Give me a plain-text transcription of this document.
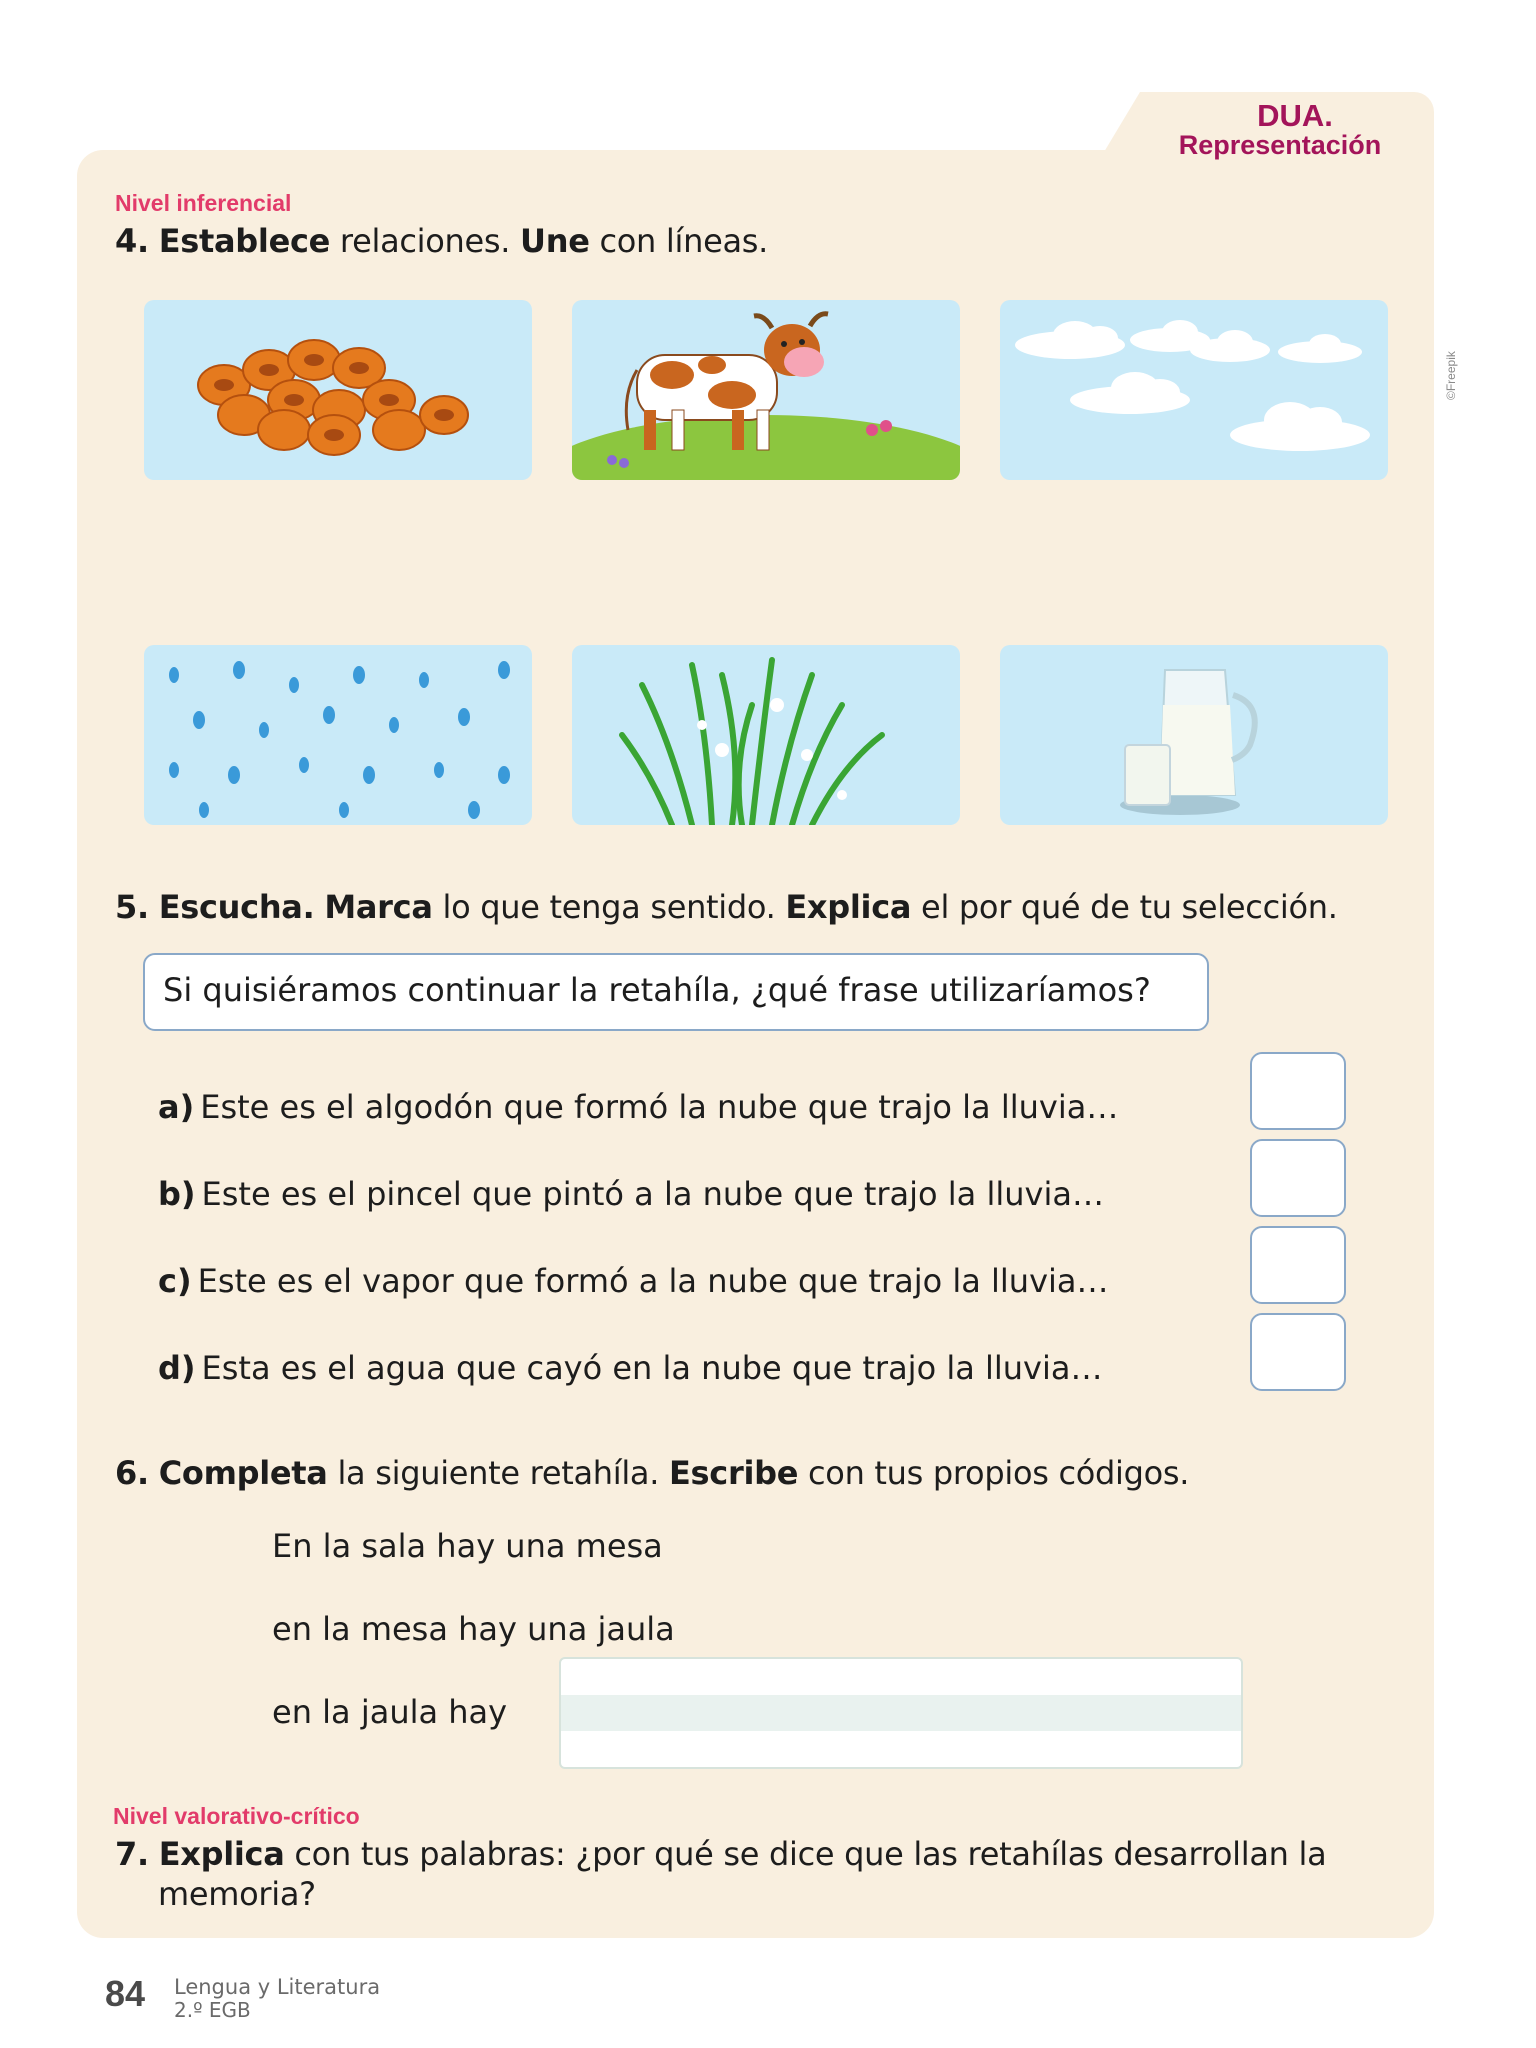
DUA.
Representación
©Freepik
Nivel inferencial
4. Establece relaciones. Une con líneas.
5. Escucha. Marca lo que tenga sentido. Explica el por qué de tu selección.
Si quisiéramos continuar la retahíla, ¿qué frase utilizaríamos?
a) Este es el algodón que formó la nube que trajo la lluvia…
b) Este es el pincel que pintó a la nube que trajo la lluvia…
c) Este es el vapor que formó a la nube que trajo la lluvia…
d) Esta es el agua que cayó en la nube que trajo la lluvia…
6. Completa la siguiente retahíla. Escribe con tus propios códigos.
En la sala hay una mesa
en la mesa hay una jaula
en la jaula hay
Nivel valorativo-crítico
7. Explica con tus palabras: ¿por qué se dice que las retahílas desarrollan la
memoria?
84 Lengua y Literatura
2.º EGB
